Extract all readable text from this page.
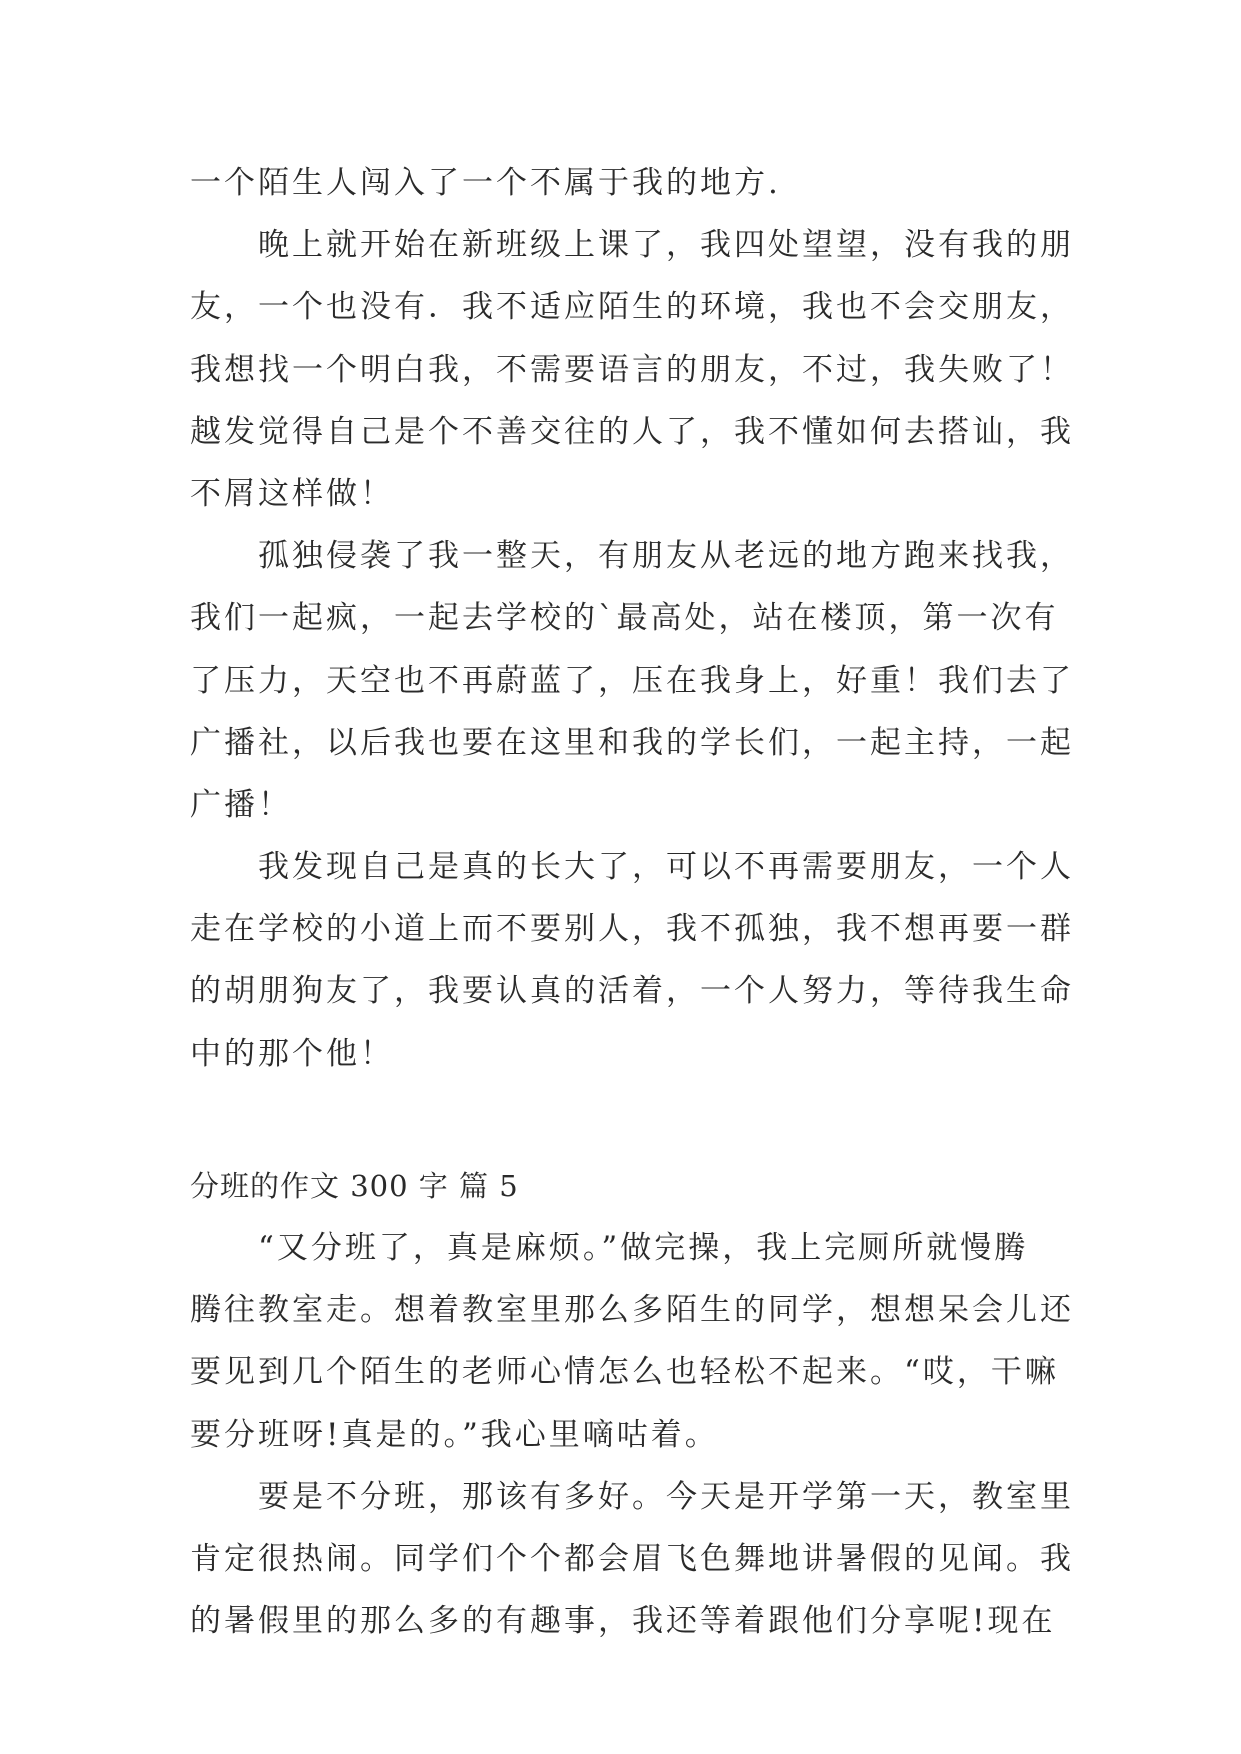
一个陌生人闯入了一个不属于我的地方.
　　晚上就开始在新班级上课了，我四处望望，没有我的朋
友，一个也没有．我不适应陌生的环境，我也不会交朋友，
我想找一个明白我，不需要语言的朋友，不过，我失败了！
越发觉得自己是个不善交往的人了，我不懂如何去搭讪，我
不屑这样做！
　　孤独侵袭了我一整天，有朋友从老远的地方跑来找我，
我们一起疯，一起去学校的`最高处，站在楼顶，第一次有
了压力，天空也不再蔚蓝了，压在我身上，好重！我们去了
广播社，以后我也要在这里和我的学长们，一起主持，一起
广播！
　　我发现自己是真的长大了，可以不再需要朋友，一个人
走在学校的小道上而不要别人，我不孤独，我不想再要一群
的胡朋狗友了，我要认真的活着，一个人努力，等待我生命
中的那个他！
分班的作文 300 字 篇 5
　　“又分班了，真是麻烦。”做完操，我上完厕所就慢腾
腾往教室走。想着教室里那么多陌生的同学，想想呆会儿还
要见到几个陌生的老师心情怎么也轻松不起来。“哎，干嘛
要分班呀!真是的。”我心里嘀咕着。
　　要是不分班，那该有多好。今天是开学第一天，教室里
肯定很热闹。同学们个个都会眉飞色舞地讲暑假的见闻。我
的暑假里的那么多的有趣事，我还等着跟他们分享呢!现在
